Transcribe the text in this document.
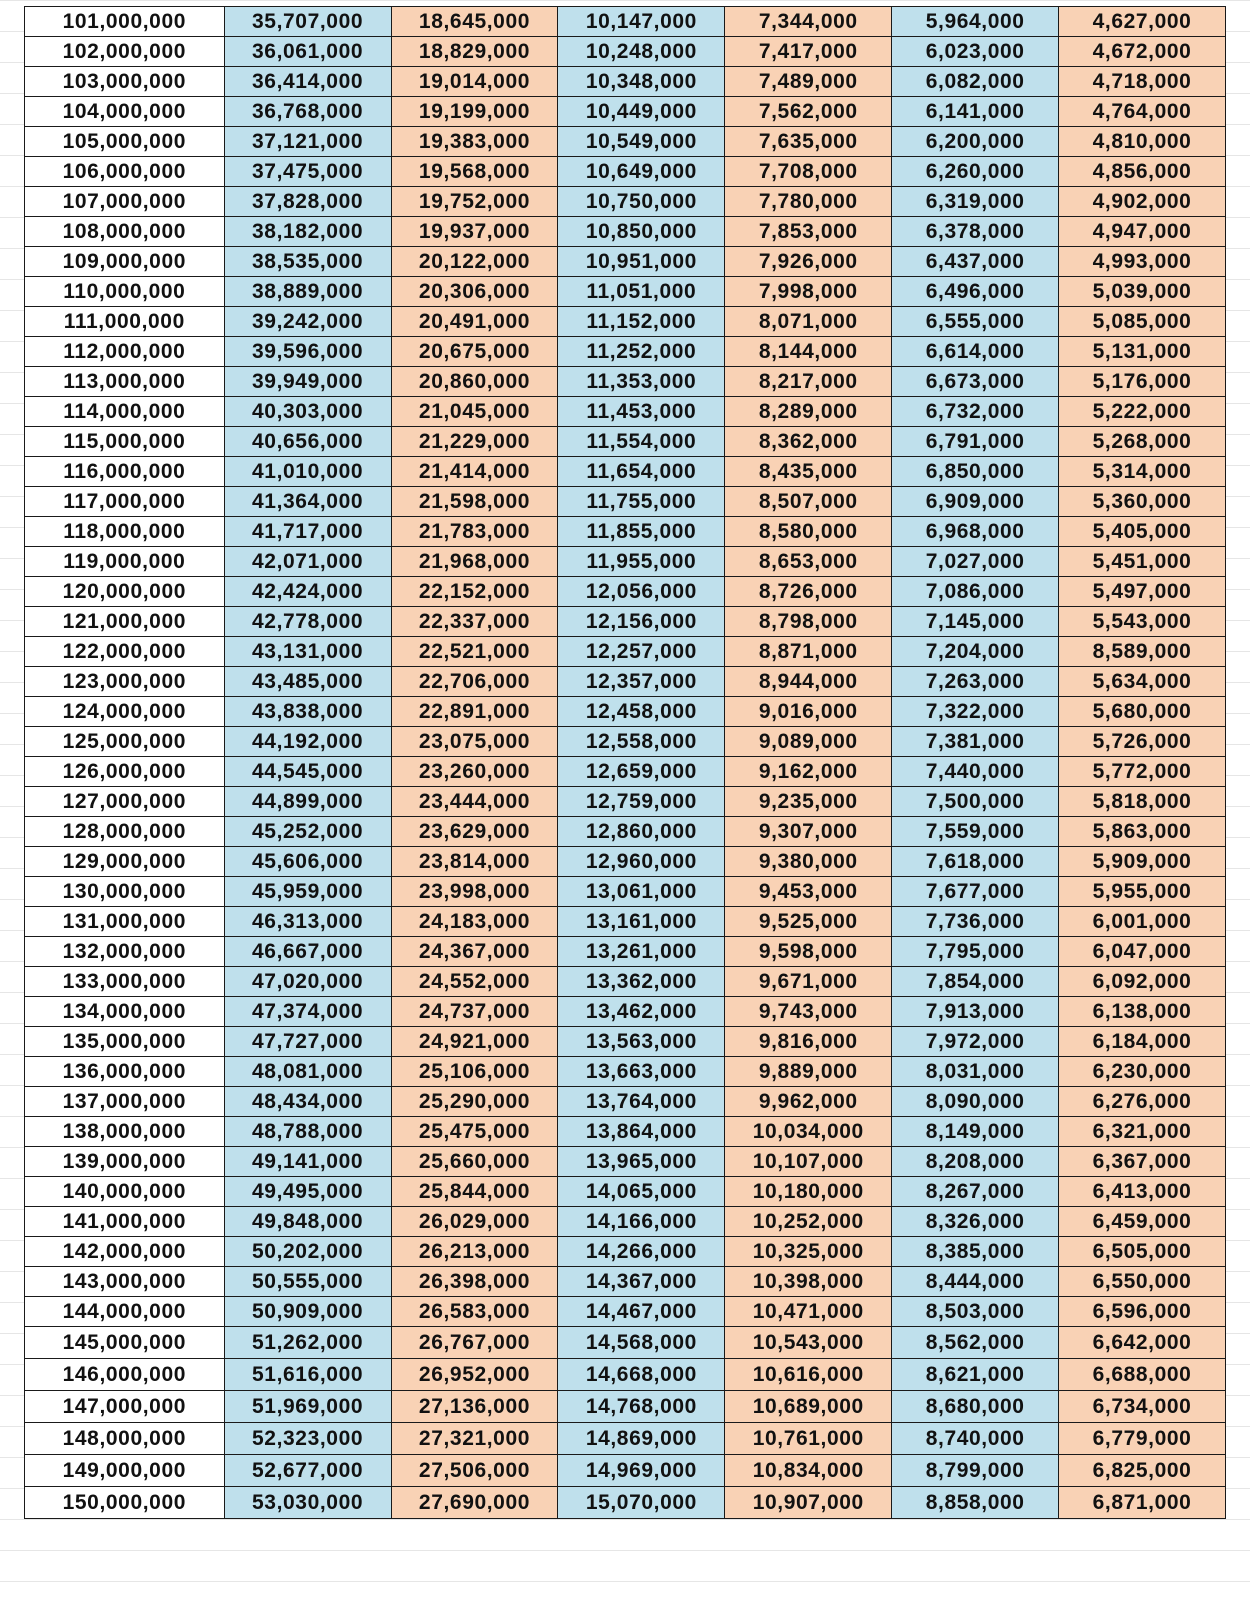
101,000,000	35,707,000	18,645,000	10,147,000	7,344,000	5,964,000	4,627,000
102,000,000	36,061,000	18,829,000	10,248,000	7,417,000	6,023,000	4,672,000
103,000,000	36,414,000	19,014,000	10,348,000	7,489,000	6,082,000	4,718,000
104,000,000	36,768,000	19,199,000	10,449,000	7,562,000	6,141,000	4,764,000
105,000,000	37,121,000	19,383,000	10,549,000	7,635,000	6,200,000	4,810,000
106,000,000	37,475,000	19,568,000	10,649,000	7,708,000	6,260,000	4,856,000
107,000,000	37,828,000	19,752,000	10,750,000	7,780,000	6,319,000	4,902,000
108,000,000	38,182,000	19,937,000	10,850,000	7,853,000	6,378,000	4,947,000
109,000,000	38,535,000	20,122,000	10,951,000	7,926,000	6,437,000	4,993,000
110,000,000	38,889,000	20,306,000	11,051,000	7,998,000	6,496,000	5,039,000
111,000,000	39,242,000	20,491,000	11,152,000	8,071,000	6,555,000	5,085,000
112,000,000	39,596,000	20,675,000	11,252,000	8,144,000	6,614,000	5,131,000
113,000,000	39,949,000	20,860,000	11,353,000	8,217,000	6,673,000	5,176,000
114,000,000	40,303,000	21,045,000	11,453,000	8,289,000	6,732,000	5,222,000
115,000,000	40,656,000	21,229,000	11,554,000	8,362,000	6,791,000	5,268,000
116,000,000	41,010,000	21,414,000	11,654,000	8,435,000	6,850,000	5,314,000
117,000,000	41,364,000	21,598,000	11,755,000	8,507,000	6,909,000	5,360,000
118,000,000	41,717,000	21,783,000	11,855,000	8,580,000	6,968,000	5,405,000
119,000,000	42,071,000	21,968,000	11,955,000	8,653,000	7,027,000	5,451,000
120,000,000	42,424,000	22,152,000	12,056,000	8,726,000	7,086,000	5,497,000
121,000,000	42,778,000	22,337,000	12,156,000	8,798,000	7,145,000	5,543,000
122,000,000	43,131,000	22,521,000	12,257,000	8,871,000	7,204,000	8,589,000
123,000,000	43,485,000	22,706,000	12,357,000	8,944,000	7,263,000	5,634,000
124,000,000	43,838,000	22,891,000	12,458,000	9,016,000	7,322,000	5,680,000
125,000,000	44,192,000	23,075,000	12,558,000	9,089,000	7,381,000	5,726,000
126,000,000	44,545,000	23,260,000	12,659,000	9,162,000	7,440,000	5,772,000
127,000,000	44,899,000	23,444,000	12,759,000	9,235,000	7,500,000	5,818,000
128,000,000	45,252,000	23,629,000	12,860,000	9,307,000	7,559,000	5,863,000
129,000,000	45,606,000	23,814,000	12,960,000	9,380,000	7,618,000	5,909,000
130,000,000	45,959,000	23,998,000	13,061,000	9,453,000	7,677,000	5,955,000
131,000,000	46,313,000	24,183,000	13,161,000	9,525,000	7,736,000	6,001,000
132,000,000	46,667,000	24,367,000	13,261,000	9,598,000	7,795,000	6,047,000
133,000,000	47,020,000	24,552,000	13,362,000	9,671,000	7,854,000	6,092,000
134,000,000	47,374,000	24,737,000	13,462,000	9,743,000	7,913,000	6,138,000
135,000,000	47,727,000	24,921,000	13,563,000	9,816,000	7,972,000	6,184,000
136,000,000	48,081,000	25,106,000	13,663,000	9,889,000	8,031,000	6,230,000
137,000,000	48,434,000	25,290,000	13,764,000	9,962,000	8,090,000	6,276,000
138,000,000	48,788,000	25,475,000	13,864,000	10,034,000	8,149,000	6,321,000
139,000,000	49,141,000	25,660,000	13,965,000	10,107,000	8,208,000	6,367,000
140,000,000	49,495,000	25,844,000	14,065,000	10,180,000	8,267,000	6,413,000
141,000,000	49,848,000	26,029,000	14,166,000	10,252,000	8,326,000	6,459,000
142,000,000	50,202,000	26,213,000	14,266,000	10,325,000	8,385,000	6,505,000
143,000,000	50,555,000	26,398,000	14,367,000	10,398,000	8,444,000	6,550,000
144,000,000	50,909,000	26,583,000	14,467,000	10,471,000	8,503,000	6,596,000
145,000,000	51,262,000	26,767,000	14,568,000	10,543,000	8,562,000	6,642,000
146,000,000	51,616,000	26,952,000	14,668,000	10,616,000	8,621,000	6,688,000
147,000,000	51,969,000	27,136,000	14,768,000	10,689,000	8,680,000	6,734,000
148,000,000	52,323,000	27,321,000	14,869,000	10,761,000	8,740,000	6,779,000
149,000,000	52,677,000	27,506,000	14,969,000	10,834,000	8,799,000	6,825,000
150,000,000	53,030,000	27,690,000	15,070,000	10,907,000	8,858,000	6,871,000
